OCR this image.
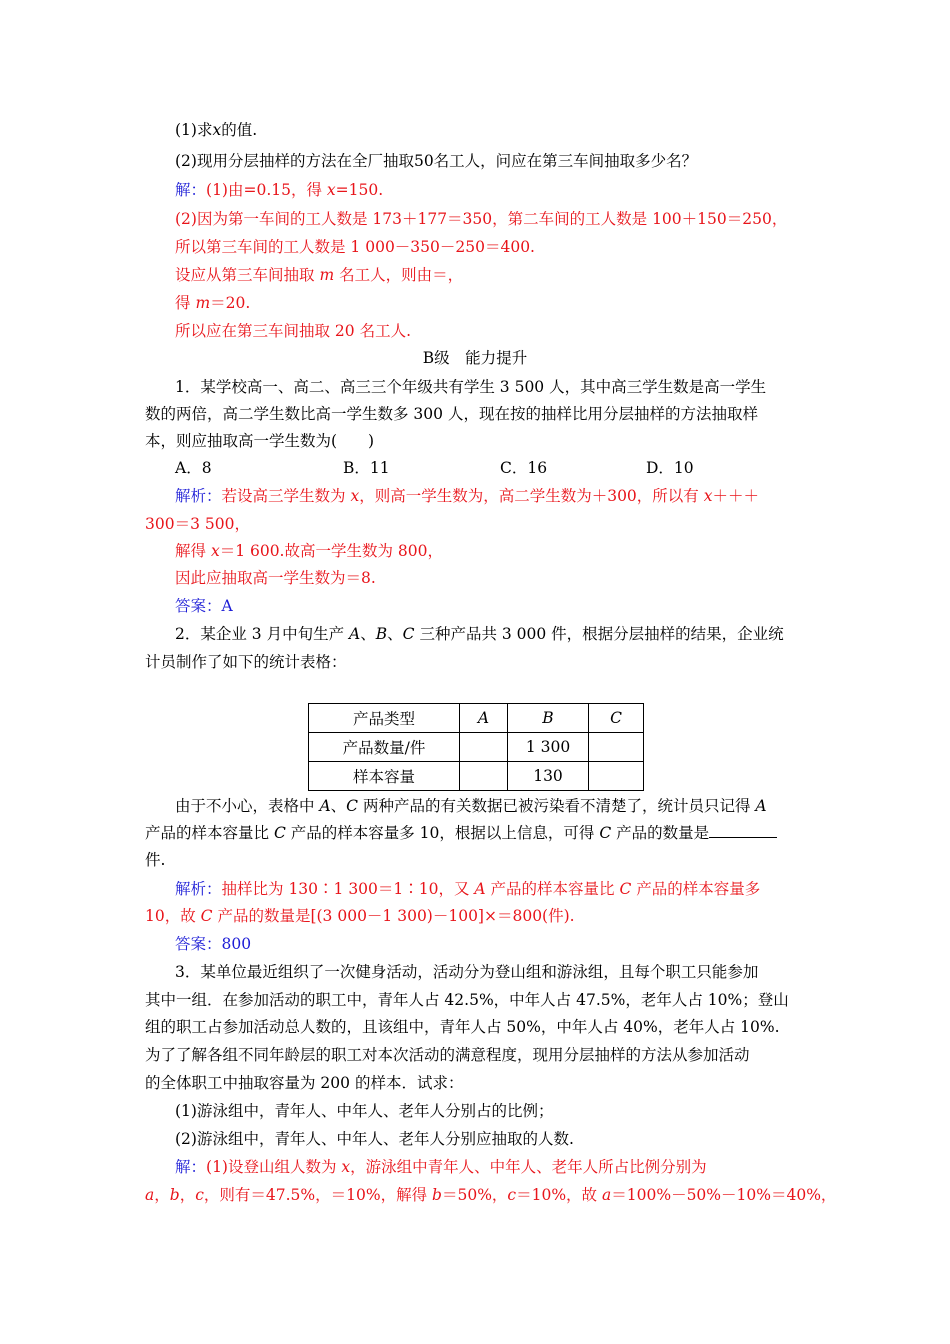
(1)求x的值.
(2)现用分层抽样的方法在全厂抽取50名工人，问应在第三车间抽取多少名？
解：(1)由=0.15，得 x=150.
(2)因为第一车间的工人数是 173＋177＝350，第二车间的工人数是 100＋150＝250，
所以第三车间的工人数是 1 000－350－250＝400.
设应从第三车间抽取 m 名工人，则由＝，
得 m＝20.
所以应在第三车间抽取 20 名工人.
B级　能力提升
1．某学校高一、高二、高三三个年级共有学生 3 500 人，其中高三学生数是高一学生
数的两倍，高二学生数比高一学生数多 300 人，现在按的抽样比用分层抽样的方法抽取样
本，则应抽取高一学生数为(　　)
A．8	B．11	C．16	D．10
解析：若设高三学生数为 x，则高一学生数为，高二学生数为＋300，所以有 x＋＋＋
300＝3 500，
解得 x＝1 600.故高一学生数为 800，
因此应抽取高一学生数为＝8.
答案：A
2．某企业 3 月中旬生产 A、B、C 三种产品共 3 000 件，根据分层抽样的结果，企业统
计员制作了如下的统计表格：
产品类型	A	B	C
产品数量/件		1 300	
样本容量		130	
由于不小心，表格中 A、C 两种产品的有关数据已被污染看不清楚了，统计员只记得 A
产品的样本容量比 C 产品的样本容量多 10，根据以上信息，可得 C 产品的数量是
件.
解析：抽样比为 130∶1 300＝1∶10，又 A 产品的样本容量比 C 产品的样本容量多
10，故 C 产品的数量是[(3 000－1 300)－100]×＝800(件).
答案：800
3．某单位最近组织了一次健身活动，活动分为登山组和游泳组，且每个职工只能参加
其中一组．在参加活动的职工中，青年人占 42.5%，中年人占 47.5%，老年人占 10%；登山
组的职工占参加活动总人数的，且该组中，青年人占 50%，中年人占 40%，老年人占 10%.
为了了解各组不同年龄层的职工对本次活动的满意程度，现用分层抽样的方法从参加活动
的全体职工中抽取容量为 200 的样本．试求：
(1)游泳组中，青年人、中年人、老年人分别占的比例；
(2)游泳组中，青年人、中年人、老年人分别应抽取的人数.
解：(1)设登山组人数为 x，游泳组中青年人、中年人、老年人所占比例分别为
a，b，c，则有＝47.5%，＝10%，解得 b＝50%，c＝10%，故 a＝100%－50%－10%＝40%，
